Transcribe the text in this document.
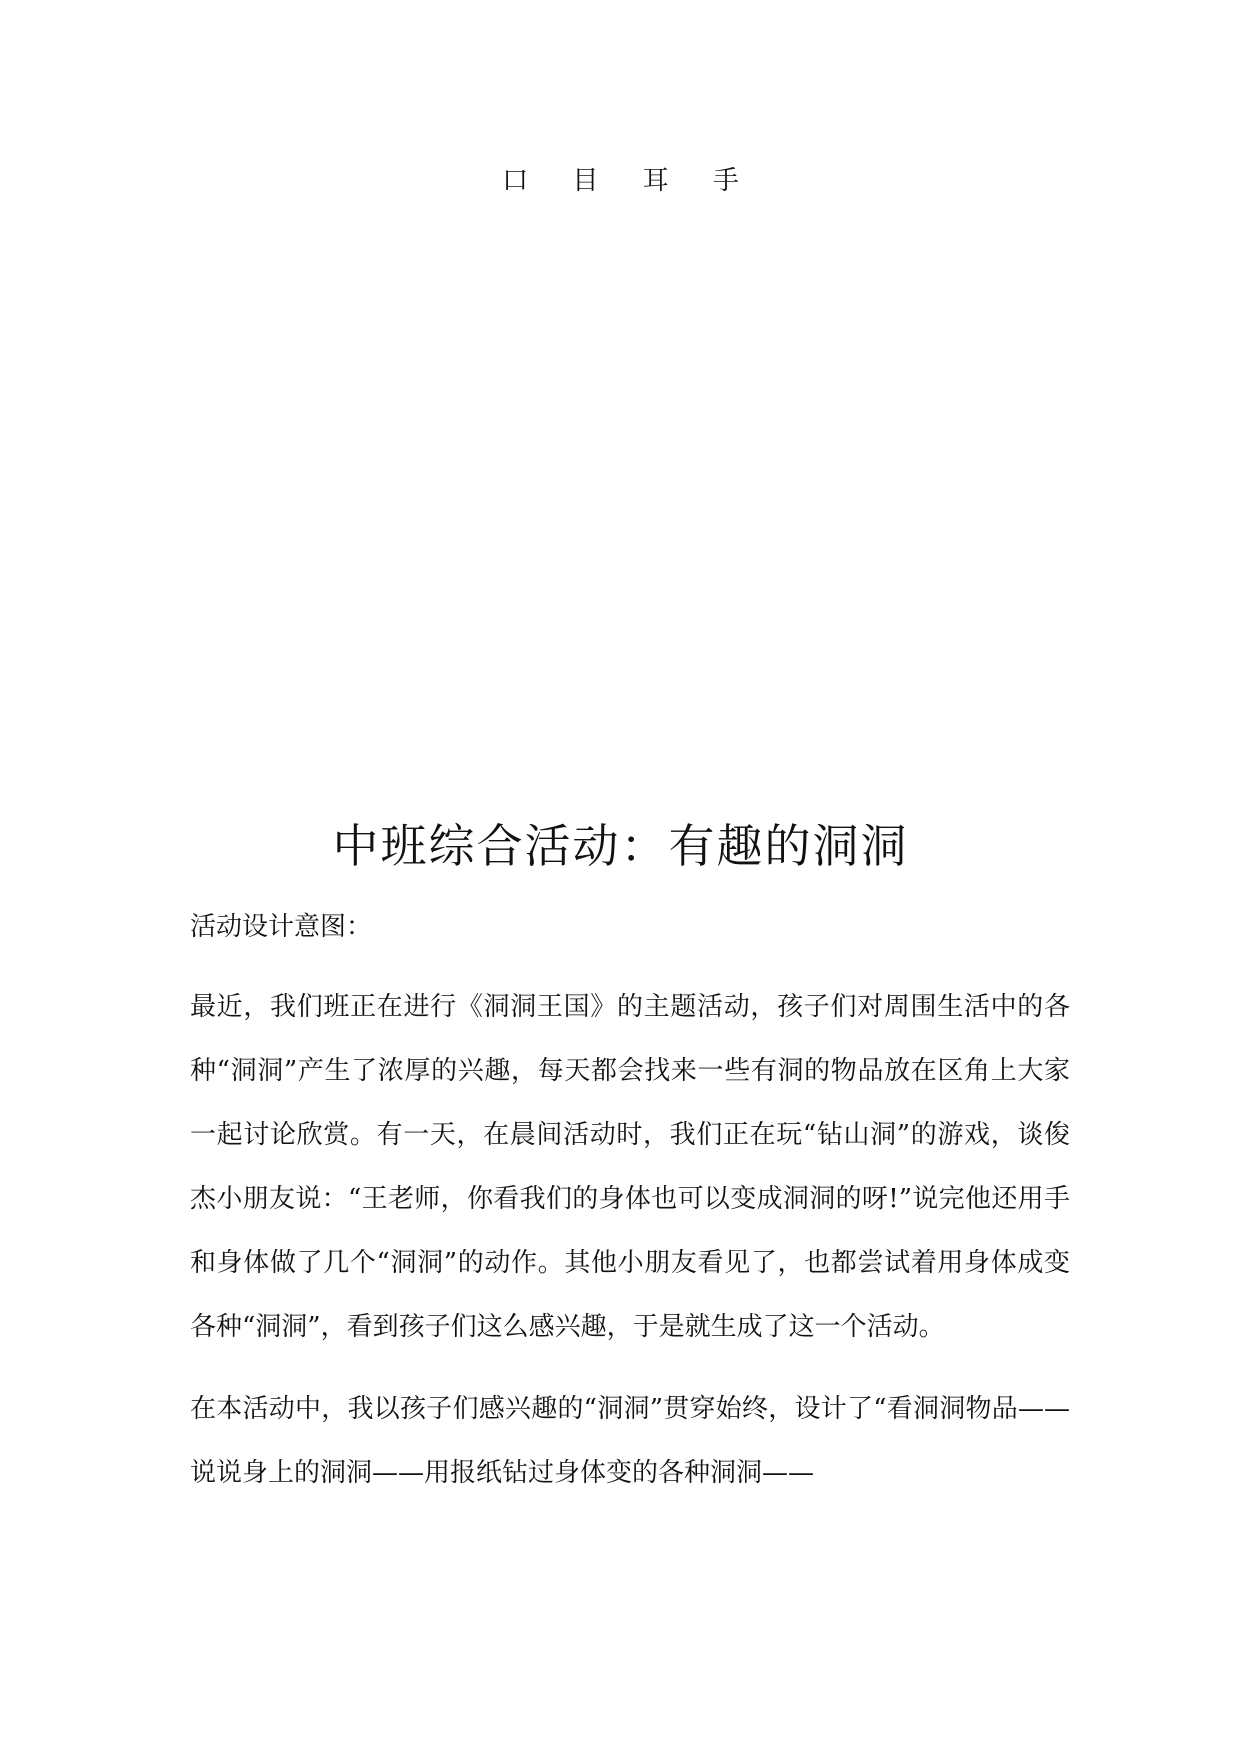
口 目 耳 手
中班综合活动：有趣的洞洞

活动设计意图：

最近，我们班正在进行《洞洞王国》的主题活动，孩子们对周围生活中的各种“洞洞”产生了浓厚的兴趣，每天都会找来一些有洞的物品放在区角上大家一起讨论欣赏。有一天，在晨间活动时，我们正在玩“钻山洞”的游戏，谈俊杰小朋友说：“王老师，你看我们的身体也可以变成洞洞的呀!”说完他还用手和身体做了几个“洞洞”的动作。其他小朋友看见了，也都尝试着用身体成变各种“洞洞”，看到孩子们这么感兴趣，于是就生成了这一个活动。

在本活动中，我以孩子们感兴趣的“洞洞”贯穿始终，设计了“看洞洞物品——说说身上的洞洞——用报纸钻过身体变的各种洞洞——
